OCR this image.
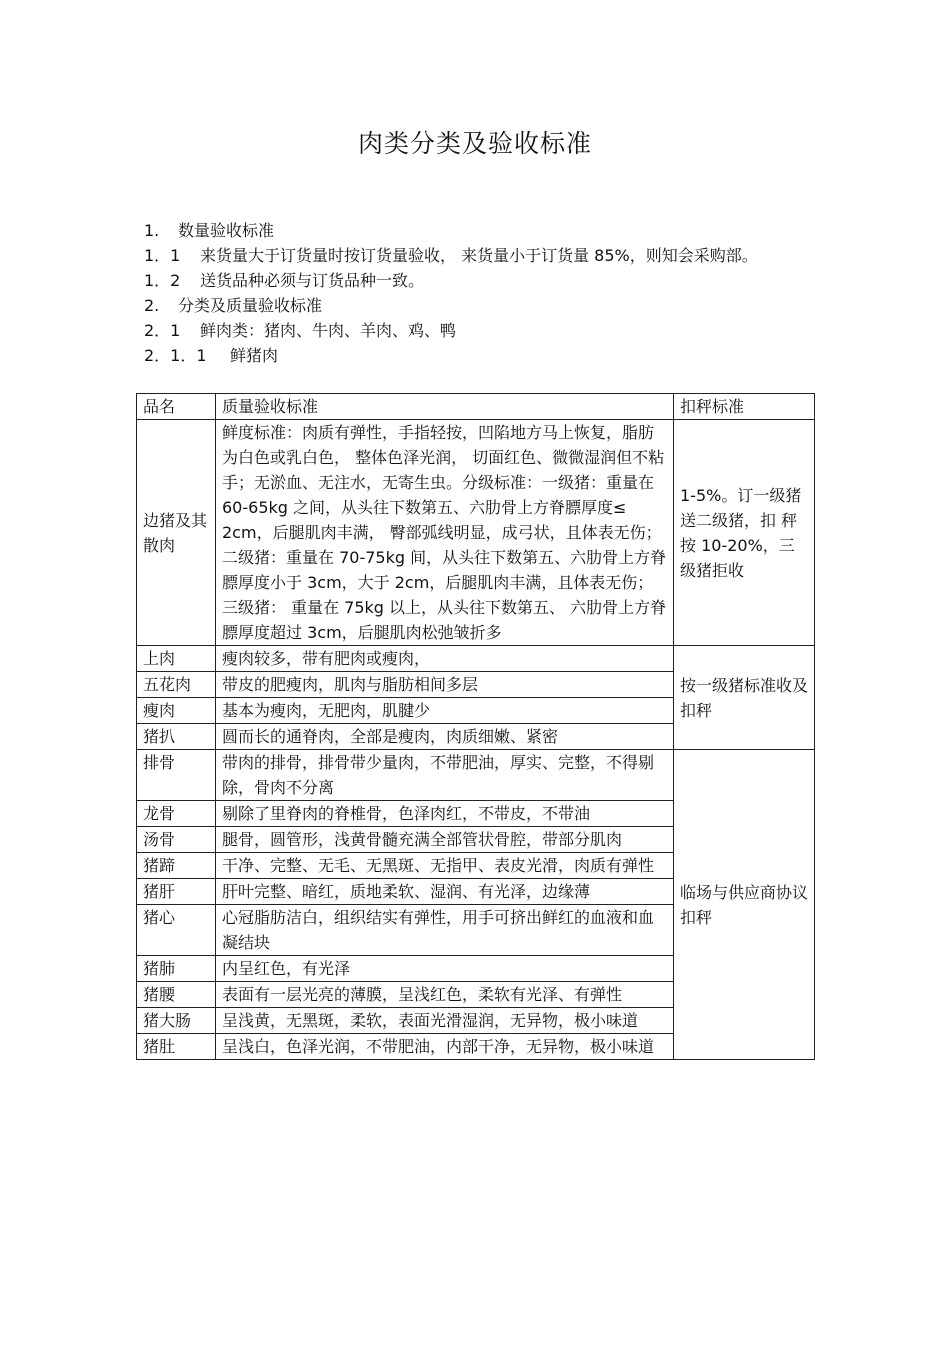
肉类分类及验收标准
1.	数量验收标准
1．1	来货量大于订货量时按订货量验收， 来货量小于订货量 85%，则知会采购部。
1．2	送货品种必须与订货品种一致。
2.	分类及质量验收标准
2．1	鲜肉类：猪肉、牛肉、羊肉、鸡、鸭
2．1．1	鲜猪肉
品名	质量验收标准	扣秤标准
边猪及其散肉	鲜度标准：肉质有弹性，手指轻按，凹陷地方马上恢复，脂肪为白色或乳白色， 整体色泽光润， 切面红色、微微湿润但不粘手；无淤血、无注水，无寄生虫。分级标准：一级猪：重量在 60-65kg 之间，从头往下数第五、六肋骨上方脊膘厚度≤ 2cm，后腿肌肉丰满， 臀部弧线明显，成弓状，且体表无伤；二级猪：重量在 70-75kg 间，从头往下数第五、六肋骨上方脊膘厚度小于 3cm，大于 2cm，后腿肌肉丰满，且体表无伤；三级猪： 重量在 75kg 以上，从头往下数第五、 六肋骨上方脊膘厚度超过 3cm，后腿肌肉松弛皱折多	1-5%。订一级猪送二级猪，扣 秤 按 10-20%，三级猪拒收
上肉	瘦肉较多，带有肥肉或瘦肉，	按一级猪标准收及扣秤
五花肉	带皮的肥瘦肉，肌肉与脂肪相间多层	
瘦肉	基本为瘦肉，无肥肉，肌腱少	
猪扒	圆而长的通脊肉，全部是瘦肉，肉质细嫩、紧密	
排骨	带肉的排骨，排骨带少量肉，不带肥油，厚实、完整，不得剔除，骨肉不分离	临场与供应商协议扣秤
龙骨	剔除了里脊肉的脊椎骨，色泽肉红，不带皮，不带油	
汤骨	腿骨，圆管形，浅黄骨髓充满全部管状骨腔，带部分肌肉	
猪蹄	干净、完整、无毛、无黑斑、无指甲、表皮光滑，肉质有弹性	
猪肝	肝叶完整、暗红，质地柔软、湿润、有光泽，边缘薄	
猪心	心冠脂肪洁白，组织结实有弹性，用手可挤出鲜红的血液和血凝结块	
猪肺	内呈红色，有光泽	
猪腰	表面有一层光亮的薄膜，呈浅红色，柔软有光泽、有弹性	
猪大肠	呈浅黄，无黑斑，柔软，表面光滑湿润，无异物，极小味道	
猪肚	呈浅白，色泽光润，不带肥油，内部干净，无异物，极小味道	
